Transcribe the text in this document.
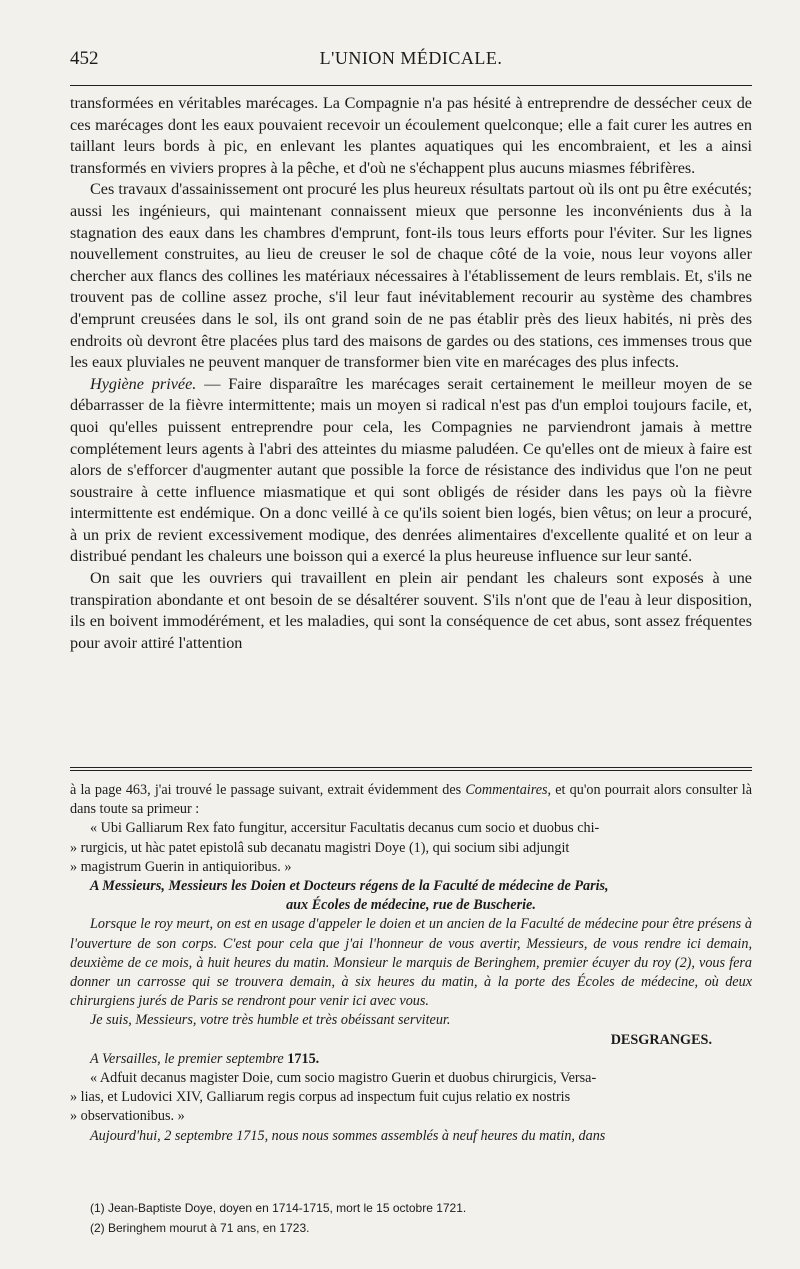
452	L'UNION MÉDICALE.

transformées en véritables marécages. La Compagnie n'a pas hésité à entreprendre de dessécher ceux de ces marécages dont les eaux pouvaient recevoir un écoulement quelconque; elle a fait curer les autres en taillant leurs bords à pic, en enlevant les plantes aquatiques qui les encombraient, et les a ainsi transformés en viviers propres à la pêche, et d'où ne s'échappent plus aucuns miasmes fébrifères.

Ces travaux d'assainissement ont procuré les plus heureux résultats partout où ils ont pu être exécutés; aussi les ingénieurs, qui maintenant connaissent mieux que personne les inconvénients dus à la stagnation des eaux dans les chambres d'emprunt, font-ils tous leurs efforts pour l'éviter. Sur les lignes nouvellement construites, au lieu de creuser le sol de chaque côté de la voie, nous leur voyons aller chercher aux flancs des collines les matériaux nécessaires à l'établissement de leurs remblais. Et, s'ils ne trouvent pas de colline assez proche, s'il leur faut inévitablement recourir au système des chambres d'emprunt creusées dans le sol, ils ont grand soin de ne pas établir près des lieux habités, ni près des endroits où devront être placées plus tard des maisons de gardes ou des stations, ces immenses trous que les eaux pluviales ne peuvent manquer de transformer bien vite en marécages des plus infects.

Hygiène privée. — Faire disparaître les marécages serait certainement le meilleur moyen de se débarrasser de la fièvre intermittente; mais un moyen si radical n'est pas d'un emploi toujours facile, et, quoi qu'elles puissent entreprendre pour cela, les Compagnies ne parviendront jamais à mettre complétement leurs agents à l'abri des atteintes du miasme paludéen. Ce qu'elles ont de mieux à faire est alors de s'efforcer d'augmenter autant que possible la force de résistance des individus que l'on ne peut soustraire à cette influence miasmatique et qui sont obligés de résider dans les pays où la fièvre intermittente est endémique. On a donc veillé à ce qu'ils soient bien logés, bien vêtus; on leur a procuré, à un prix de revient excessivement modique, des denrées alimentaires d'excellente qualité et on leur a distribué pendant les chaleurs une boisson qui a exercé la plus heureuse influence sur leur santé.

On sait que les ouvriers qui travaillent en plein air pendant les chaleurs sont exposés à une transpiration abondante et ont besoin de se désaltérer souvent. S'ils n'ont que de l'eau à leur disposition, ils en boivent immodérément, et les maladies, qui sont la conséquence de cet abus, sont assez fréquentes pour avoir attiré l'attention

à la page 463, j'ai trouvé le passage suivant, extrait évidemment des Commentaires, et qu'on pourrait alors consulter là dans toute sa primeur :

« Ubi Galliarum Rex fato fungitur, accersitur Facultatis decanus cum socio et duobus chi-

» rurgicis, ut hàc patet epistolâ sub decanatu magistri Doye (1), qui socium sibi adjungit

» magistrum Guerin in antiquioribus. »

A Messieurs, Messieurs les Doien et Docteurs régens de la Faculté de médecine de Paris,

aux Écoles de médecine, rue de Buscherie.

Lorsque le roy meurt, on est en usage d'appeler le doien et un ancien de la Faculté de médecine pour être présens à l'ouverture de son corps. C'est pour cela que j'ai l'honneur de vous avertir, Messieurs, de vous rendre ici demain, deuxième de ce mois, à huit heures du matin. Monsieur le marquis de Beringhem, premier écuyer du roy (2), vous fera donner un carrosse qui se trouvera demain, à six heures du matin, à la porte des Écoles de médecine, où deux chirurgiens jurés de Paris se rendront pour venir ici avec vous.

Je suis, Messieurs, votre très humble et très obéissant serviteur.

DESGRANGES.

A Versailles, le premier septembre 1715.

« Adfuit decanus magister Doie, cum socio magistro Guerin et duobus chirurgicis, Versa-

» lias, et Ludovici XIV, Galliarum regis corpus ad inspectum fuit cujus relatio ex nostris

» observationibus. »

Aujourd'hui, 2 septembre 1715, nous nous sommes assemblés à neuf heures du matin, dans

(1) Jean-Baptiste Doye, doyen en 1714-1715, mort le 15 octobre 1721.

(2) Beringhem mourut à 71 ans, en 1723.
